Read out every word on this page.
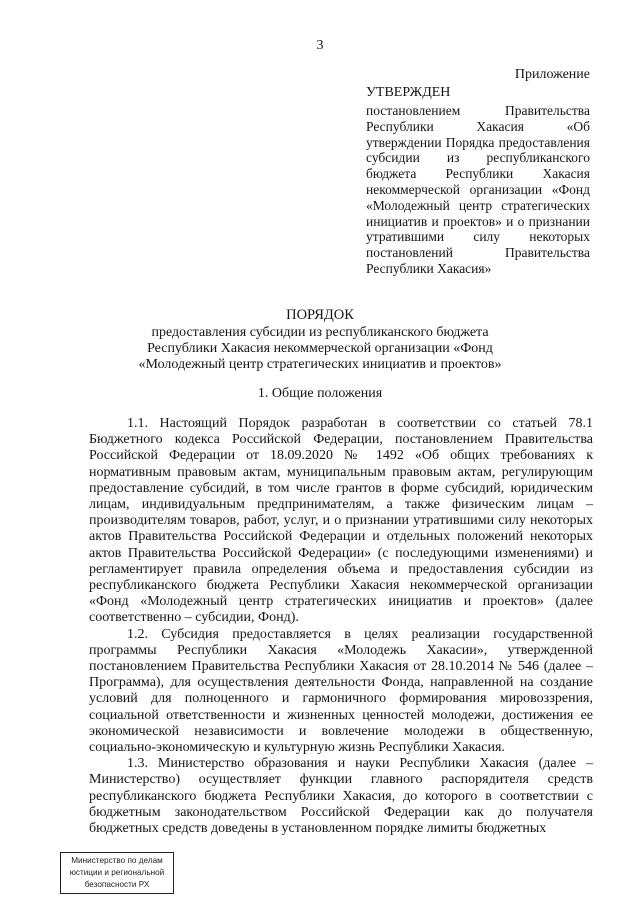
3
Приложение
УТВЕРЖДЕН
постановлением Правительства Республики Хакасия «Об утверждении Порядка предоставления субсидии из республиканского бюджета Республики Хакасия некоммерческой организации «Фонд «Молодежный центр стратегических инициатив и проектов» и о признании утратившими силу некоторых постановлений Правительства Республики Хакасия»
ПОРЯДОК
предоставления субсидии из республиканского бюджета Республики Хакасия некоммерческой организации «Фонд «Молодежный центр стратегических инициатив и проектов»
1. Общие положения

1.1. Настоящий Порядок разработан в соответствии со статьей 78.1 Бюджетного кодекса Российской Федерации, постановлением Правительства Российской Федерации от 18.09.2020 № 1492 «Об общих требованиях к нормативным правовым актам, муниципальным правовым актам, регулирующим предоставление субсидий, в том числе грантов в форме субсидий, юридическим лицам, индивидуальным предпринимателям, а также физическим лицам – производителям товаров, работ, услуг, и о признании утратившими силу некоторых актов Правительства Российской Федерации и отдельных положений некоторых актов Правительства Российской Федерации» (с последующими изменениями) и регламентирует правила определения объема и предоставления субсидии из республиканского бюджета Республики Хакасия некоммерческой организации «Фонд «Молодежный центр стратегических инициатив и проектов» (далее соответственно – субсидии, Фонд).

1.2. Субсидия предоставляется в целях реализации государственной программы Республики Хакасия «Молодежь Хакасии», утвержденной постановлением Правительства Республики Хакасия от 28.10.2014 № 546 (далее – Программа), для осуществления деятельности Фонда, направленной на создание условий для полноценного и гармоничного формирования мировоззрения, социальной ответственности и жизненных ценностей молодежи, достижения ее экономической независимости и вовлечение молодежи в общественную, социально-экономическую и культурную жизнь Республики Хакасия.

1.3. Министерство образования и науки Республики Хакасия (далее – Министерство) осуществляет функции главного распорядителя средств республиканского бюджета Республики Хакасия, до которого в соответствии с бюджетным законодательством Российской Федерации как до получателя бюджетных средств доведены в установленном порядке лимиты бюджетных

Министерство по делам
юстиции и региональной
безопасности РХ
